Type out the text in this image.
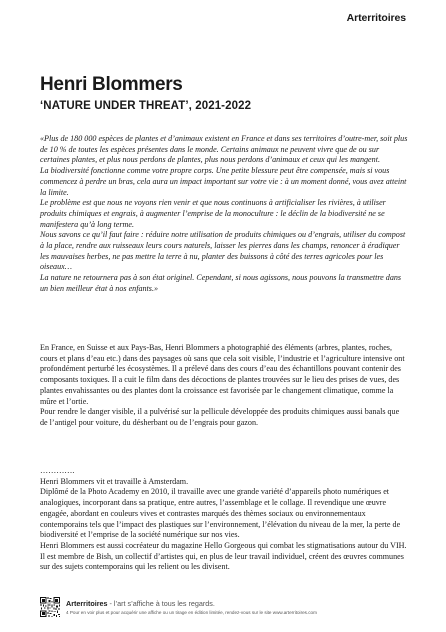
Arterritoires
Henri Blommers
‘NATURE UNDER THREAT’, 2021-2022

«Plus de 180 000 espèces de plantes et d’animaux existent en France et dans ses territoires d’outre-mer, soit plus de 10 % de toutes les espèces présentes dans le monde. Certains animaux ne peuvent vivre que de ou sur certaines plantes, et plus nous perdons de plantes, plus nous perdons d’animaux et ceux qui les mangent.

La biodiversité fonctionne comme votre propre corps. Une petite blessure peut être compensée, mais si vous commencez à perdre un bras, cela aura un impact important sur votre vie : à un moment donné, vous avez atteint la limite.

Le problème est que nous ne voyons rien venir et que nous continuons à artificialiser les rivières, à utiliser produits chimiques et engrais, à augmenter l’emprise de la monoculture : le déclin de la biodiversité ne se manifestera qu’à long terme.

Nous savons ce qu’il faut faire : réduire notre utilisation de produits chimiques ou d’engrais, utiliser du compost à la place, rendre aux ruisseaux leurs cours naturels, laisser les pierres dans les champs, renoncer à éradiquer les mauvaises herbes, ne pas mettre la terre à nu, planter des buissons à côté des terres agricoles pour les oiseaux…

La nature ne retournera pas à son état originel. Cependant, si nous agissons, nous pouvons la transmettre dans un bien meilleur état à nos enfants.»

En France, en Suisse et aux Pays-Bas, Henri Blommers a photographié des éléments (arbres, plantes, roches, cours et plans d’eau etc.) dans des paysages où sans que cela soit visible, l’industrie et l’agriculture intensive ont profondément perturbé les écosystèmes. Il a prélevé dans des cours d’eau des échantillons pouvant contenir des composants toxiques. Il a cuit le film dans des décoctions de plantes trouvées sur le lieu des prises de vues, des plantes envahissantes ou des plantes dont la croissance est favorisée par le changement climatique, comme la mûre et l’ortie.

Pour rendre le danger visible, il a pulvérisé sur la pellicule développée des produits chimiques aussi banals que de l’antigel pour voiture, du désherbant ou de l’engrais pour gazon.

………….

Henri Blommers vit et travaille à Amsterdam.

Diplômé de la Photo Academy en 2010, il travaille avec une grande variété d’appareils photo numériques et analogiques, incorporant dans sa pratique, entre autres, l’assemblage et le collage. Il revendique une œuvre engagée, abordant en couleurs vives et contrastes marqués des thèmes sociaux ou environnementaux contemporains tels que l’impact des plastiques sur l’environnement, l’élévation du niveau de la mer, la perte de biodiversité et l’emprise de la société numérique sur nos vies.

Henri Blommers est aussi cocréateur du magazine Hello Gorgeous qui combat les stigmatisations autour du VIH. Il est membre de Bish, un collectif d’artistes qui, en plus de leur travail individuel, créent des œuvres communes sur des sujets contemporains qui les relient ou les divisent.

Arterritoires - l’art s’affiche à tous les regards.
4 Pour en voir plus et pour acquérir une affiche ou un tirage en édition limitée, rendez-vous sur le site www.arterritoires.com
